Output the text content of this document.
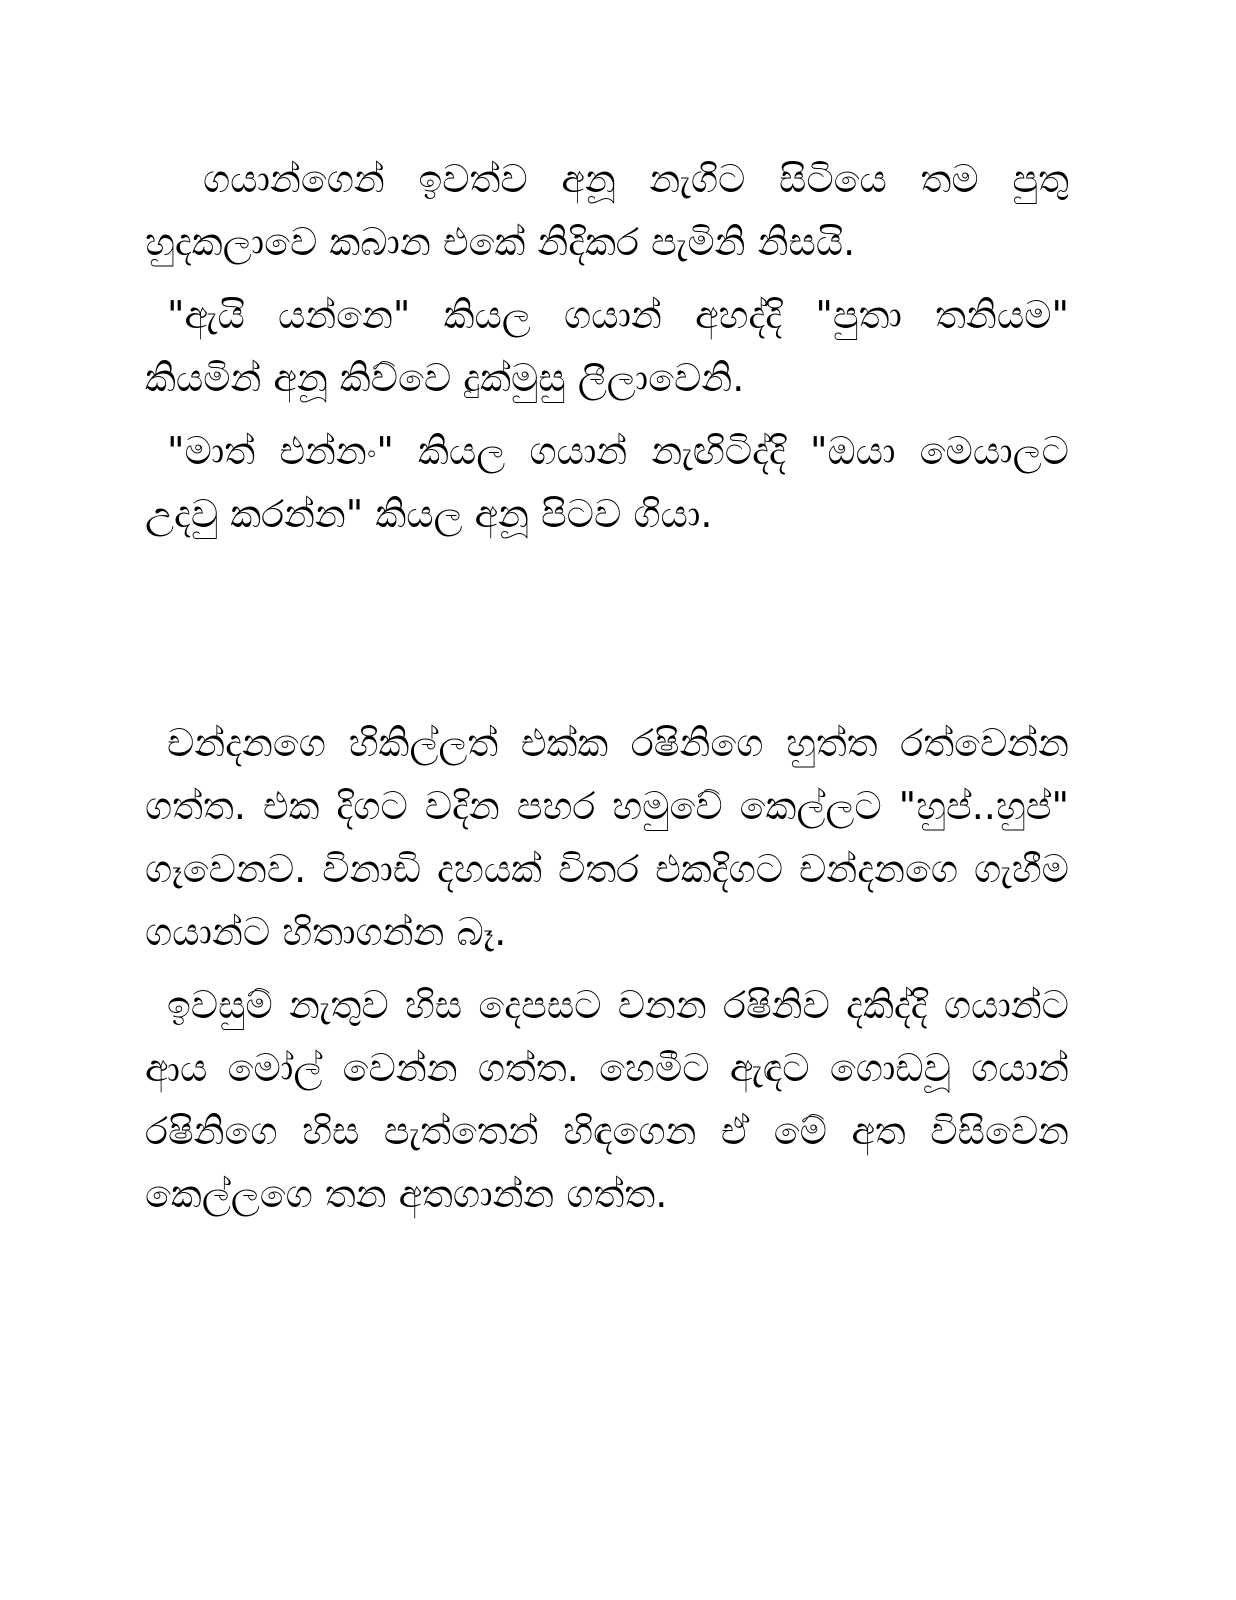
ගයාන්ගෙන් ඉවත්ව අනූ නැගිට සිටියෙ තම පුතු හුදකලාවෙ කබාන එකේ නිදිකර පැමිනි නිසයි.

"ඇයි යන්නෙ" කියල ගයාන් අහද්දි "පුතා තනියම" කියමින් අනූ කිව්වෙ දුක්මුසු ලීලාවෙනි.

"මාත් එන්නං" කියල ගයාන් නැඟිටිද්දි "ඔයා මෙයාලට උදවු කරන්න" කියල අනූ පිටව ගියා.

චන්දනගෙ හිකිල්ලත් එක්ක රෂිනිගෙ හුත්ත රත්වෙන්න ගත්ත. එක දිගට වදින පහර හමුවේ කෙල්ලට "හුප්..හුප්" ගෑවෙනව. විනාඩි දහයක් විතර එකදිගට චන්දනගෙ ගැහීම ගයාන්ට හිතාගන්න බෑ.

ඉවසුම් නැතුව හිස දෙපසට වනන රෂිනිව දකිද්දි ගයාන්ට ආය මෝල් වෙන්න ගත්ත. හෙමීට ඇඳට ගොඩවූ ගයාන් රෂිනිගෙ හිස පැත්තෙන් හිඳගෙන ඒ මේ අත විසිවෙන කෙල්ලගෙ තන අතගාන්න ගත්ත.
